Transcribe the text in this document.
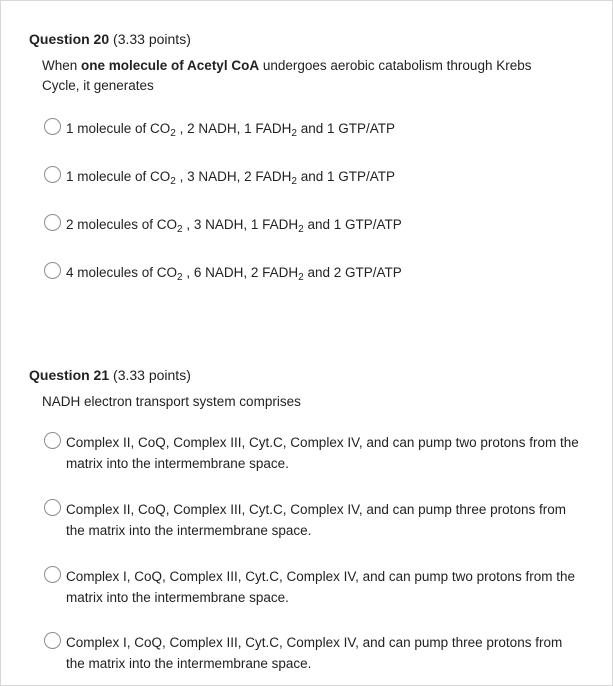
Question 20 (3.33 points)
When one molecule of Acetyl CoA undergoes aerobic catabolism through Krebs Cycle, it generates
1 molecule of $CO_2$ , 2 NADH, 1 $FADH_2$ and 1 GTP/ATP
1 molecule of $CO_2$ , 3 NADH, 2 $FADH_2$ and 1 GTP/ATP
2 molecules of $CO_2$ , 3 NADH, 1 $FADH_2$ and 1 GTP/ATP
4 molecules of $CO_2$ , 6 NADH, 2 $FADH_2$ and 2 GTP/ATP
Question 21 (3.33 points)
NADH electron transport system comprises
Complex II, CoQ, Complex III, Cyt.C, Complex IV, and can pump two protons from the matrix into the intermembrane space.
Complex II, CoQ, Complex III, Cyt.C, Complex IV, and can pump three protons from the matrix into the intermembrane space.
Complex I, CoQ, Complex III, Cyt.C, Complex IV, and can pump two protons from the matrix into the intermembrane space.
Complex I, CoQ, Complex III, Cyt.C, Complex IV, and can pump three protons from the matrix into the intermembrane space.
